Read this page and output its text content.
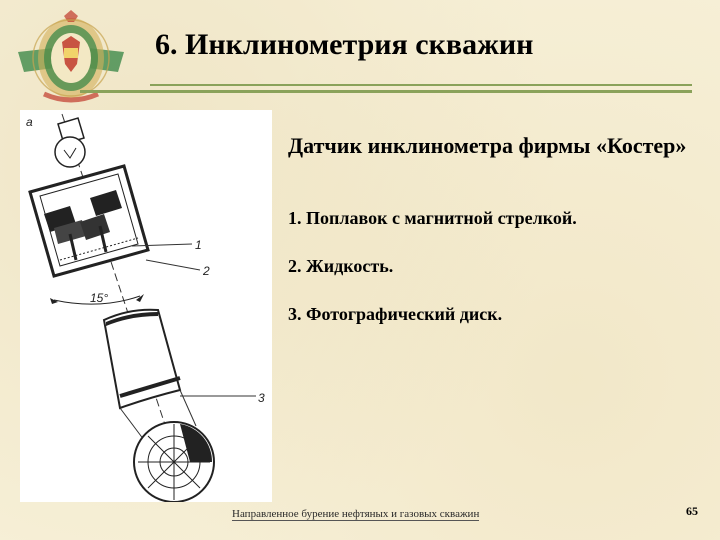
6. Инклинометрия скважин
а
1
2
15°
3
Датчик инклинометра фирмы «Костер»
1. Поплавок с магнитной стрелкой.
2. Жидкость.
3. Фотографический диск.
Направленное бурение нефтяных и газовых скважин	65
